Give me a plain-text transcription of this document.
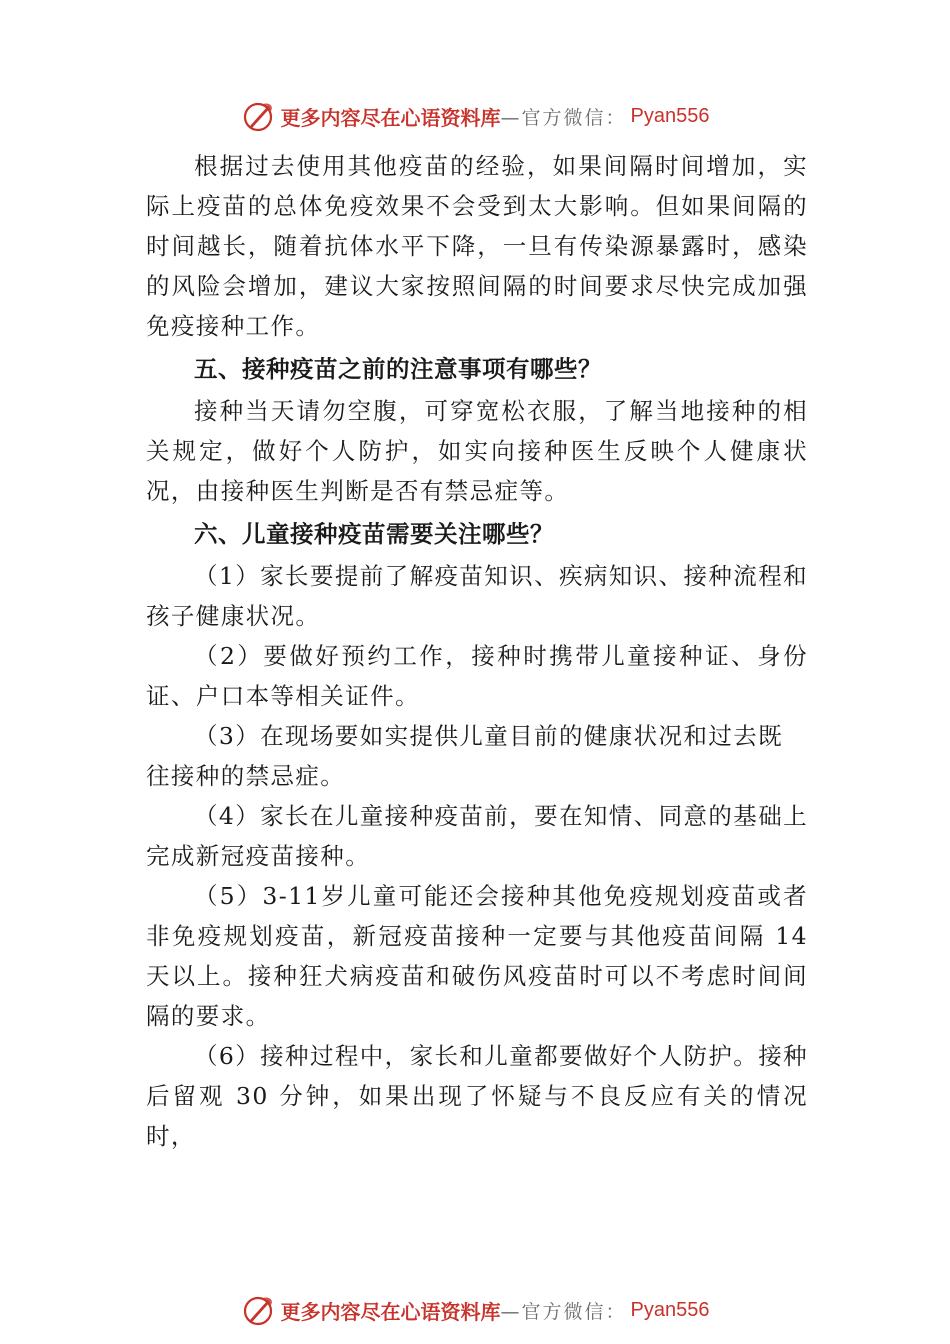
更多内容尽在心语资料库 —官方微信： Pyan556

根据过去使用其他疫苗的经验，如果间隔时间增加，实际上疫苗的总体免疫效果不会受到太大影响。但如果间隔的时间越长，随着抗体水平下降，一旦有传染源暴露时，感染的风险会增加，建议大家按照间隔的时间要求尽快完成加强免疫接种工作。

五、接种疫苗之前的注意事项有哪些？

接种当天请勿空腹，可穿宽松衣服，了解当地接种的相关规定，做好个人防护，如实向接种医生反映个人健康状况，由接种医生判断是否有禁忌症等。

六、儿童接种疫苗需要关注哪些？

（1）家长要提前了解疫苗知识、疾病知识、接种流程和孩子健康状况。

（2）要做好预约工作，接种时携带儿童接种证、身份证、户口本等相关证件。

（3）在现场要如实提供儿童目前的健康状况和过去既

往接种的禁忌症。

（4）家长在儿童接种疫苗前，要在知情、同意的基础上完成新冠疫苗接种。

（5）3-11岁儿童可能还会接种其他免疫规划疫苗或者非免疫规划疫苗，新冠疫苗接种一定要与其他疫苗间隔 14 天以上。接种狂犬病疫苗和破伤风疫苗时可以不考虑时间间隔的要求。

（6）接种过程中，家长和儿童都要做好个人防护。接种后留观 30 分钟，如果出现了怀疑与不良反应有关的情况时，

更多内容尽在心语资料库 —官方微信： Pyan556
